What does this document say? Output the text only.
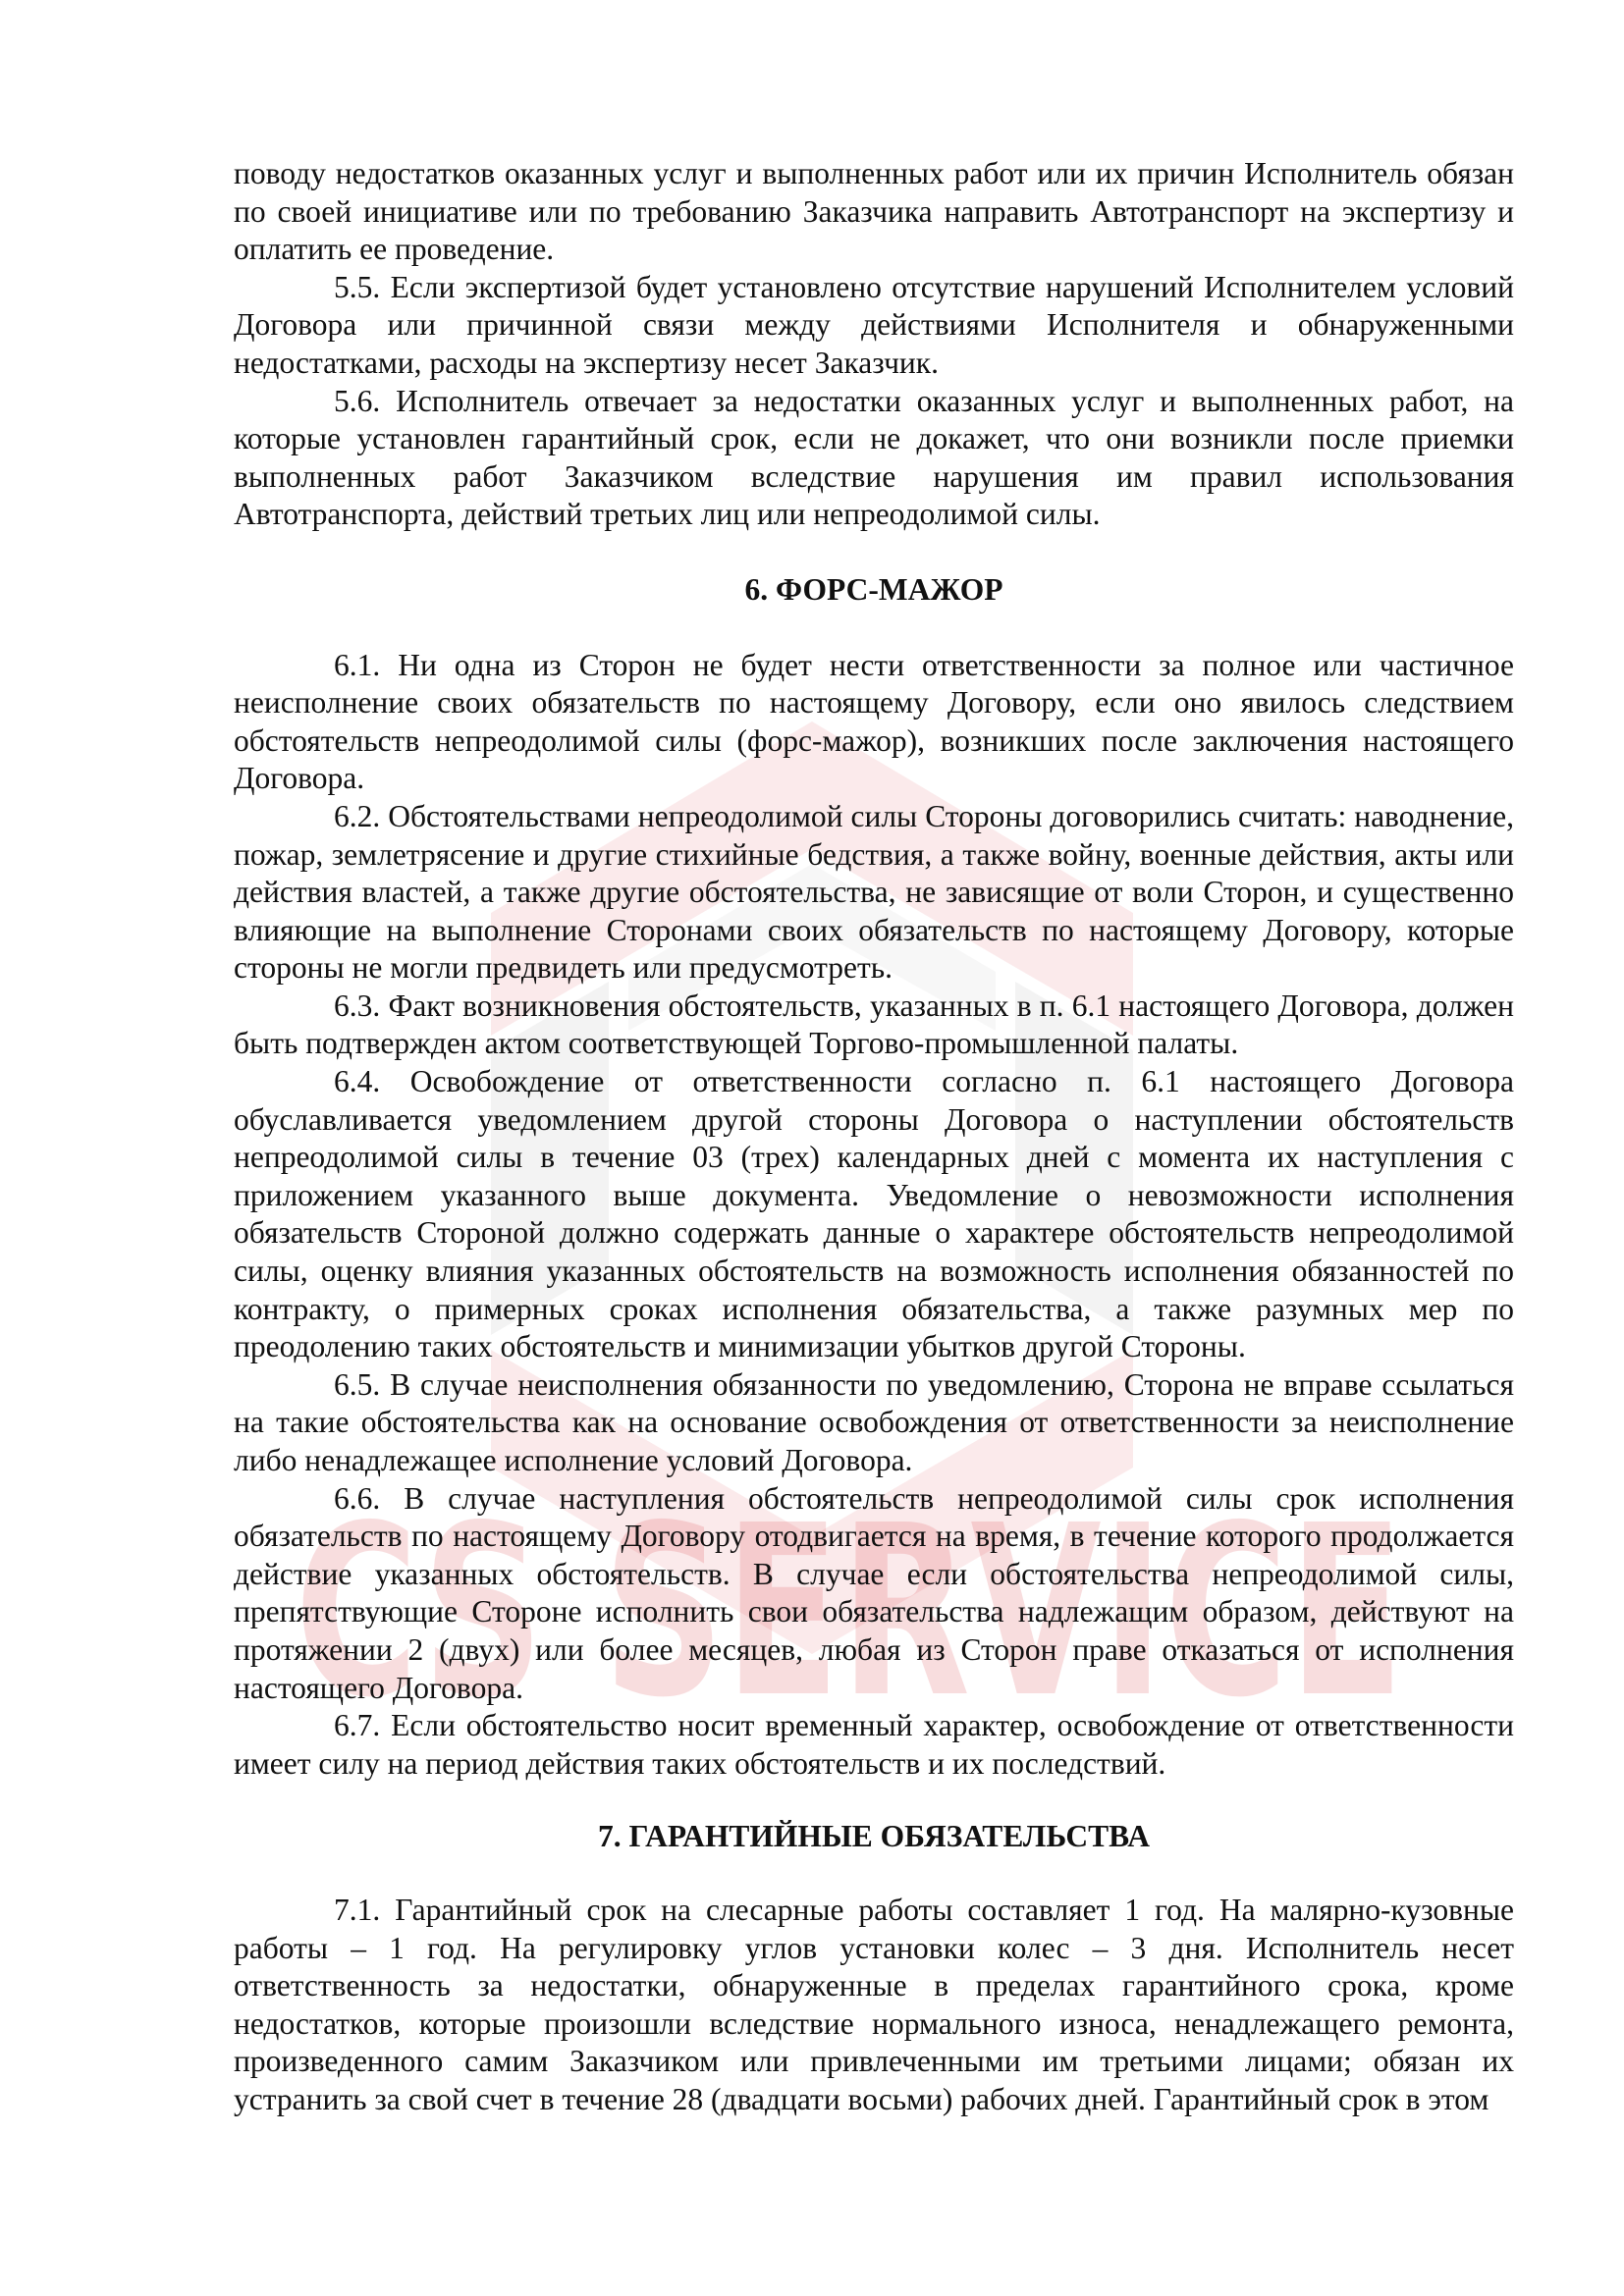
CS SERVICE

поводу недостатков оказанных услуг и выполненных работ или их причин Исполнитель обязан по своей инициативе или по требованию Заказчика направить Автотранспорт на экспертизу и оплатить ее проведение.

5.5. Если экспертизой будет установлено отсутствие нарушений Исполнителем условий Договора или причинной связи между действиями Исполнителя и обнаруженными недостатками, расходы на экспертизу несет Заказчик.

5.6. Исполнитель отвечает за недостатки оказанных услуг и выполненных работ, на которые установлен гарантийный срок, если не докажет, что они возникли после приемки выполненных работ Заказчиком вследствие нарушения им правил использования Автотранспорта, действий третьих лиц или непреодолимой силы.

6. ФОРС-МАЖОР

6.1. Ни одна из Сторон не будет нести ответственности за полное или частичное неисполнение своих обязательств по настоящему Договору, если оно явилось следствием обстоятельств непреодолимой силы (форс-мажор), возникших после заключения настоящего Договора.

6.2. Обстоятельствами непреодолимой силы Стороны договорились считать: наводнение, пожар, землетрясение и другие стихийные бедствия, а также войну, военные действия, акты или действия властей, а также другие обстоятельства, не зависящие от воли Сторон, и существенно влияющие на выполнение Сторонами своих обязательств по настоящему Договору, которые стороны не могли предвидеть или предусмотреть.

6.3. Факт возникновения обстоятельств, указанных в п. 6.1 настоящего Договора, должен быть подтвержден актом соответствующей Торгово-промышленной палаты.

6.4. Освобождение от ответственности согласно п. 6.1 настоящего Договора обуславливается уведомлением другой стороны Договора о наступлении обстоятельств непреодолимой силы в течение 03 (трех) календарных дней с момента их наступления с приложением указанного выше документа. Уведомление о невозможности исполнения обязательств Стороной должно содержать данные о характере обстоятельств непреодолимой силы, оценку влияния указанных обстоятельств на возможность исполнения обязанностей по контракту, о примерных сроках исполнения обязательства, а также разумных мер по преодолению таких обстоятельств и минимизации убытков другой Стороны.

6.5. В случае неисполнения обязанности по уведомлению, Сторона не вправе ссылаться на такие обстоятельства как на основание освобождения от ответственности за неисполнение либо ненадлежащее исполнение условий Договора.

6.6. В случае наступления обстоятельств непреодолимой силы срок исполнения обязательств по настоящему Договору отодвигается на время, в течение которого продолжается действие указанных обстоятельств. В случае если обстоятельства непреодолимой силы, препятствующие Стороне исполнить свои обязательства надлежащим образом, действуют на протяжении 2 (двух) или более месяцев, любая из Сторон праве отказаться от исполнения настоящего Договора.

6.7. Если обстоятельство носит временный характер, освобождение от ответственности имеет силу на период действия таких обстоятельств и их последствий.

7. ГАРАНТИЙНЫЕ ОБЯЗАТЕЛЬСТВА

7.1. Гарантийный срок на слесарные работы составляет 1 год. На малярно-кузовные работы – 1 год. На регулировку углов установки колес – 3 дня. Исполнитель несет ответственность за недостатки, обнаруженные в пределах гарантийного срока, кроме недостатков, которые произошли вследствие нормального износа, ненадлежащего ремонта, произведенного самим Заказчиком или привлеченными им третьими лицами; обязан их устранить за свой счет в течение 28 (двадцати восьми) рабочих дней. Гарантийный срок в этом
